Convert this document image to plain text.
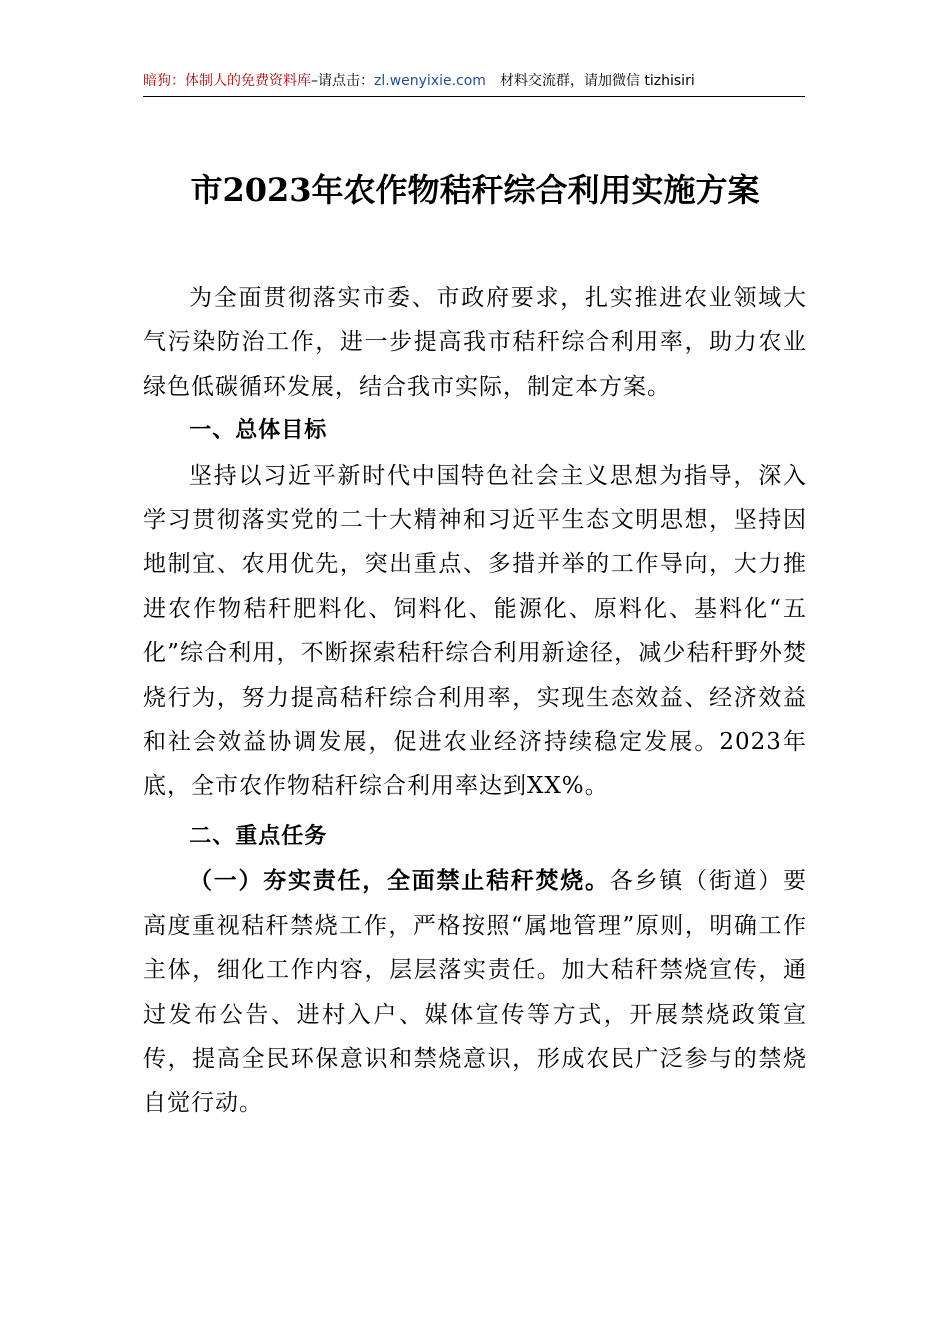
暗狗：体制人的免费资料库–请点击：zl.wenyixie.com 材料交流群，请加微信 tizhisiri
市2023年农作物秸秆综合利用实施方案

为全面贯彻落实市委、市政府要求，扎实推进农业领域大气污染防治工作，进一步提高我市秸秆综合利用率，助力农业绿色低碳循环发展，结合我市实际，制定本方案。

一、总体目标

坚持以习近平新时代中国特色社会主义思想为指导，深入学习贯彻落实党的二十大精神和习近平生态文明思想，坚持因地制宜、农用优先，突出重点、多措并举的工作导向，大力推进农作物秸秆肥料化、饲料化、能源化、原料化、基料化“五化”综合利用，不断探索秸秆综合利用新途径，减少秸秆野外焚烧行为，努力提高秸秆综合利用率，实现生态效益、经济效益和社会效益协调发展，促进农业经济持续稳定发展。2023年底，全市农作物秸秆综合利用率达到XX%。

二、重点任务

（一）夯实责任，全面禁止秸秆焚烧。各乡镇（街道）要高度重视秸秆禁烧工作，严格按照“属地管理”原则，明确工作主体，细化工作内容，层层落实责任。加大秸秆禁烧宣传，通过发布公告、进村入户、媒体宣传等方式，开展禁烧政策宣传，提高全民环保意识和禁烧意识，形成农民广泛参与的禁烧自觉行动。
